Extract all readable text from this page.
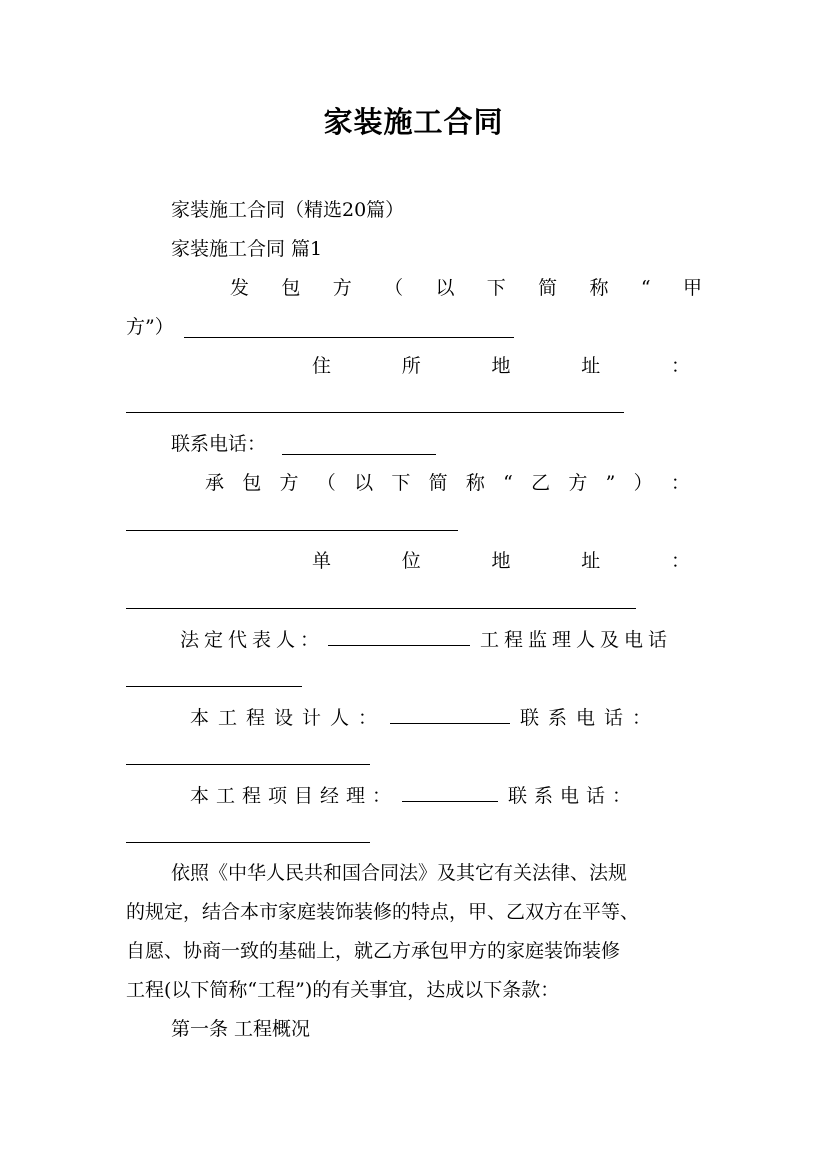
家装施工合同
家装施工合同（精选20篇）
家装施工合同 篇1
发 包 方 （ 以 下 简 称 “ 甲
方”）
住	所	地	址	：
联系电话：
承 包 方 （ 以 下 简 称 “ 乙 方 ” ） ：
单	位	地	址	：
法定代表人：	工程监理人及电话
本工程设计人：	联系电话：
本工程项目经理：	联系电话：
依照《中华人民共和国合同法》及其它有关法律、法规
的规定，结合本市家庭装饰装修的特点，甲、乙双方在平等、
自愿、协商一致的基础上，就乙方承包甲方的家庭装饰装修
工程(以下简称“工程”)的有关事宜，达成以下条款：
第一条 工程概况
